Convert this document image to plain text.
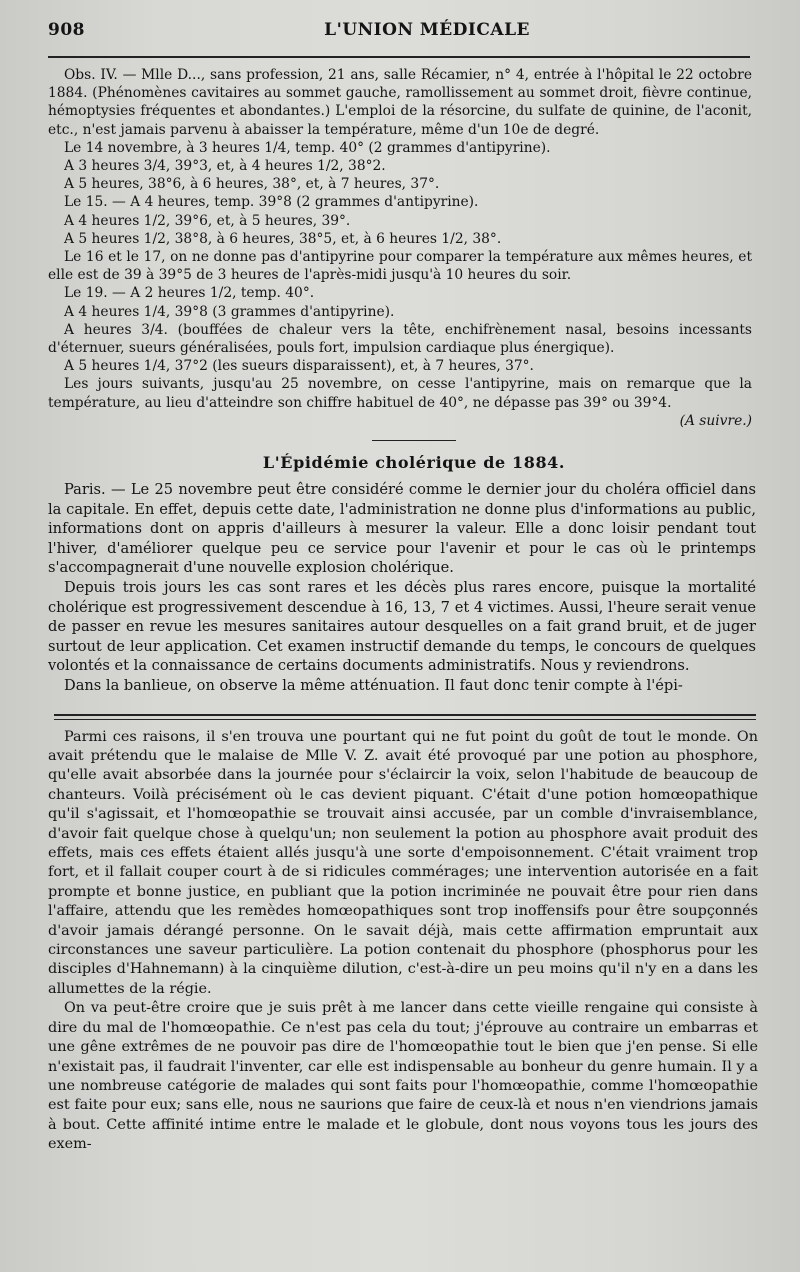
908	L'UNION MÉDICALE

Obs. IV. — Mlle D..., sans profession, 21 ans, salle Récamier, n° 4, entrée à l'hôpital le 22 octobre 1884. (Phénomènes cavitaires au sommet gauche, ramollissement au sommet droit, fièvre continue, hémoptysies fréquentes et abondantes.) L'emploi de la résorcine, du sulfate de quinine, de l'aconit, etc., n'est jamais parvenu à abaisser la température, même d'un 10e de degré.

Le 14 novembre, à 3 heures 1/4, temp. 40° (2 grammes d'antipyrine).

A 3 heures 3/4, 39°3, et, à 4 heures 1/2, 38°2.

A 5 heures, 38°6, à 6 heures, 38°, et, à 7 heures, 37°.

Le 15. — A 4 heures, temp. 39°8 (2 grammes d'antipyrine).

A 4 heures 1/2, 39°6, et, à 5 heures, 39°.

A 5 heures 1/2, 38°8, à 6 heures, 38°5, et, à 6 heures 1/2, 38°.

Le 16 et le 17, on ne donne pas d'antipyrine pour comparer la température aux mêmes heures, et elle est de 39 à 39°5 de 3 heures de l'après-midi jusqu'à 10 heures du soir.

Le 19. — A 2 heures 1/2, temp. 40°.

A 4 heures 1/4, 39°8 (3 grammes d'antipyrine).

A heures 3/4. (bouffées de chaleur vers la tête, enchifrènement nasal, besoins incessants d'éternuer, sueurs généralisées, pouls fort, impulsion cardiaque plus énergique).

A 5 heures 1/4, 37°2 (les sueurs disparaissent), et, à 7 heures, 37°.

Les jours suivants, jusqu'au 25 novembre, on cesse l'antipyrine, mais on remarque que la température, au lieu d'atteindre son chiffre habituel de 40°, ne dépasse pas 39° ou 39°4.

(A suivre.)
L'Épidémie cholérique de 1884.

Paris. — Le 25 novembre peut être considéré comme le dernier jour du choléra officiel dans la capitale. En effet, depuis cette date, l'administration ne donne plus d'informations au public, informations dont on appris d'ailleurs à mesurer la valeur. Elle a donc loisir pendant tout l'hiver, d'améliorer quelque peu ce service pour l'avenir et pour le cas où le printemps s'accompagnerait d'une nouvelle explosion cholérique.

Depuis trois jours les cas sont rares et les décès plus rares encore, puisque la mortalité cholérique est progressivement descendue à 16, 13, 7 et 4 victimes. Aussi, l'heure serait venue de passer en revue les mesures sanitaires autour desquelles on a fait grand bruit, et de juger surtout de leur application. Cet examen instructif demande du temps, le concours de quelques volontés et la connaissance de certains documents administratifs. Nous y reviendrons.

Dans la banlieue, on observe la même atténuation. Il faut donc tenir compte à l'épi-

Parmi ces raisons, il s'en trouva une pourtant qui ne fut point du goût de tout le monde. On avait prétendu que le malaise de Mlle V. Z. avait été provoqué par une potion au phosphore, qu'elle avait absorbée dans la journée pour s'éclaircir la voix, selon l'habitude de beaucoup de chanteurs. Voilà précisément où le cas devient piquant. C'était d'une potion homœopathique qu'il s'agissait, et l'homœopathie se trouvait ainsi accusée, par un comble d'invraisemblance, d'avoir fait quelque chose à quelqu'un; non seulement la potion au phosphore avait produit des effets, mais ces effets étaient allés jusqu'à une sorte d'empoisonnement. C'était vraiment trop fort, et il fallait couper court à de si ridicules commérages; une intervention autorisée en a fait prompte et bonne justice, en publiant que la potion incriminée ne pouvait être pour rien dans l'affaire, attendu que les remèdes homœopathiques sont trop inoffensifs pour être soupçonnés d'avoir jamais dérangé personne. On le savait déjà, mais cette affirmation empruntait aux circonstances une saveur particulière. La potion contenait du phosphore (phosphorus pour les disciples d'Hahnemann) à la cinquième dilution, c'est-à-dire un peu moins qu'il n'y en a dans les allumettes de la régie.

On va peut-être croire que je suis prêt à me lancer dans cette vieille rengaine qui consiste à dire du mal de l'homœopathie. Ce n'est pas cela du tout; j'éprouve au contraire un embarras et une gêne extrêmes de ne pouvoir pas dire de l'homœopathie tout le bien que j'en pense. Si elle n'existait pas, il faudrait l'inventer, car elle est indispensable au bonheur du genre humain. Il y a une nombreuse catégorie de malades qui sont faits pour l'homœopathie, comme l'homœopathie est faite pour eux; sans elle, nous ne saurions que faire de ceux-là et nous n'en viendrions jamais à bout. Cette affinité intime entre le malade et le globule, dont nous voyons tous les jours des exem-
